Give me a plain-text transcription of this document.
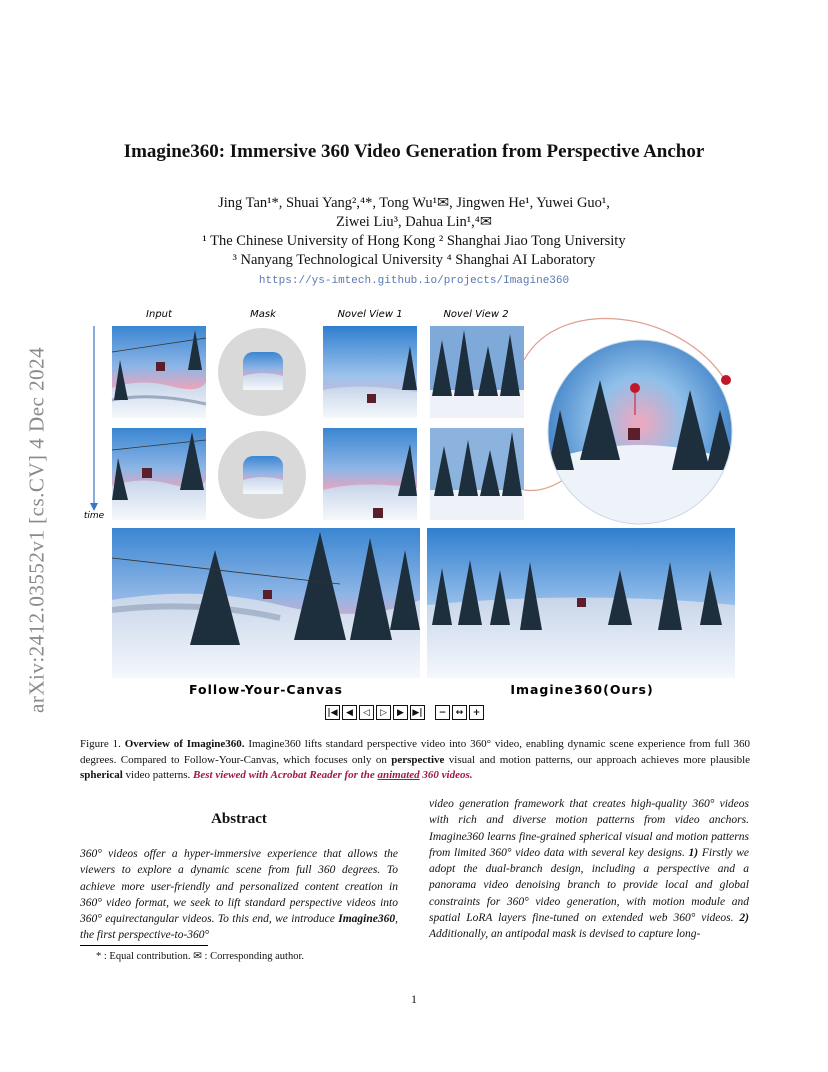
arXiv:2412.03552v1 [cs.CV] 4 Dec 2024
Imagine360: Immersive 360 Video Generation from Perspective Anchor
Jing Tan¹*, Shuai Yang²,⁴*, Tong Wu¹✉, Jingwen He¹, Yuwei Guo¹,
Ziwei Liu³, Dahua Lin¹,⁴✉
¹ The Chinese University of Hong Kong ² Shanghai Jiao Tong University
³ Nanyang Technological University ⁴ Shanghai AI Laboratory
https://ys-imtech.github.io/projects/Imagine360
Input	Mask	Novel View 1	Novel View 2
time
Follow-Your-Canvas	Imagine360(Ours)
|◀ ◀	◁	▷	▶ ▶|	−	↔	+
Figure 1. Overview of Imagine360. Imagine360 lifts standard perspective video into 360° video, enabling dynamic scene experience from full 360 degrees. Compared to Follow-Your-Canvas, which focuses only on perspective visual and motion patterns, our approach achieves more plausible spherical video patterns. Best viewed with Acrobat Reader for the animated 360 videos.
Abstract
360° videos offer a hyper-immersive experience that allows the viewers to explore a dynamic scene from full 360 degrees. To achieve more user-friendly and personalized content creation in 360° video format, we seek to lift standard perspective videos into 360° equirectangular videos. To this end, we introduce Imagine360, the first perspective-to-360°
video generation framework that creates high-quality 360° videos with rich and diverse motion patterns from video anchors. Imagine360 learns fine-grained spherical visual and motion patterns from limited 360° video data with several key designs. 1) Firstly we adopt the dual-branch design, including a perspective and a panorama video denoising branch to provide local and global constraints for 360° video generation, with motion module and spatial LoRA layers fine-tuned on extended web 360° videos. 2) Additionally, an antipodal mask is devised to capture long-
* : Equal contribution. ✉ : Corresponding author.
1
